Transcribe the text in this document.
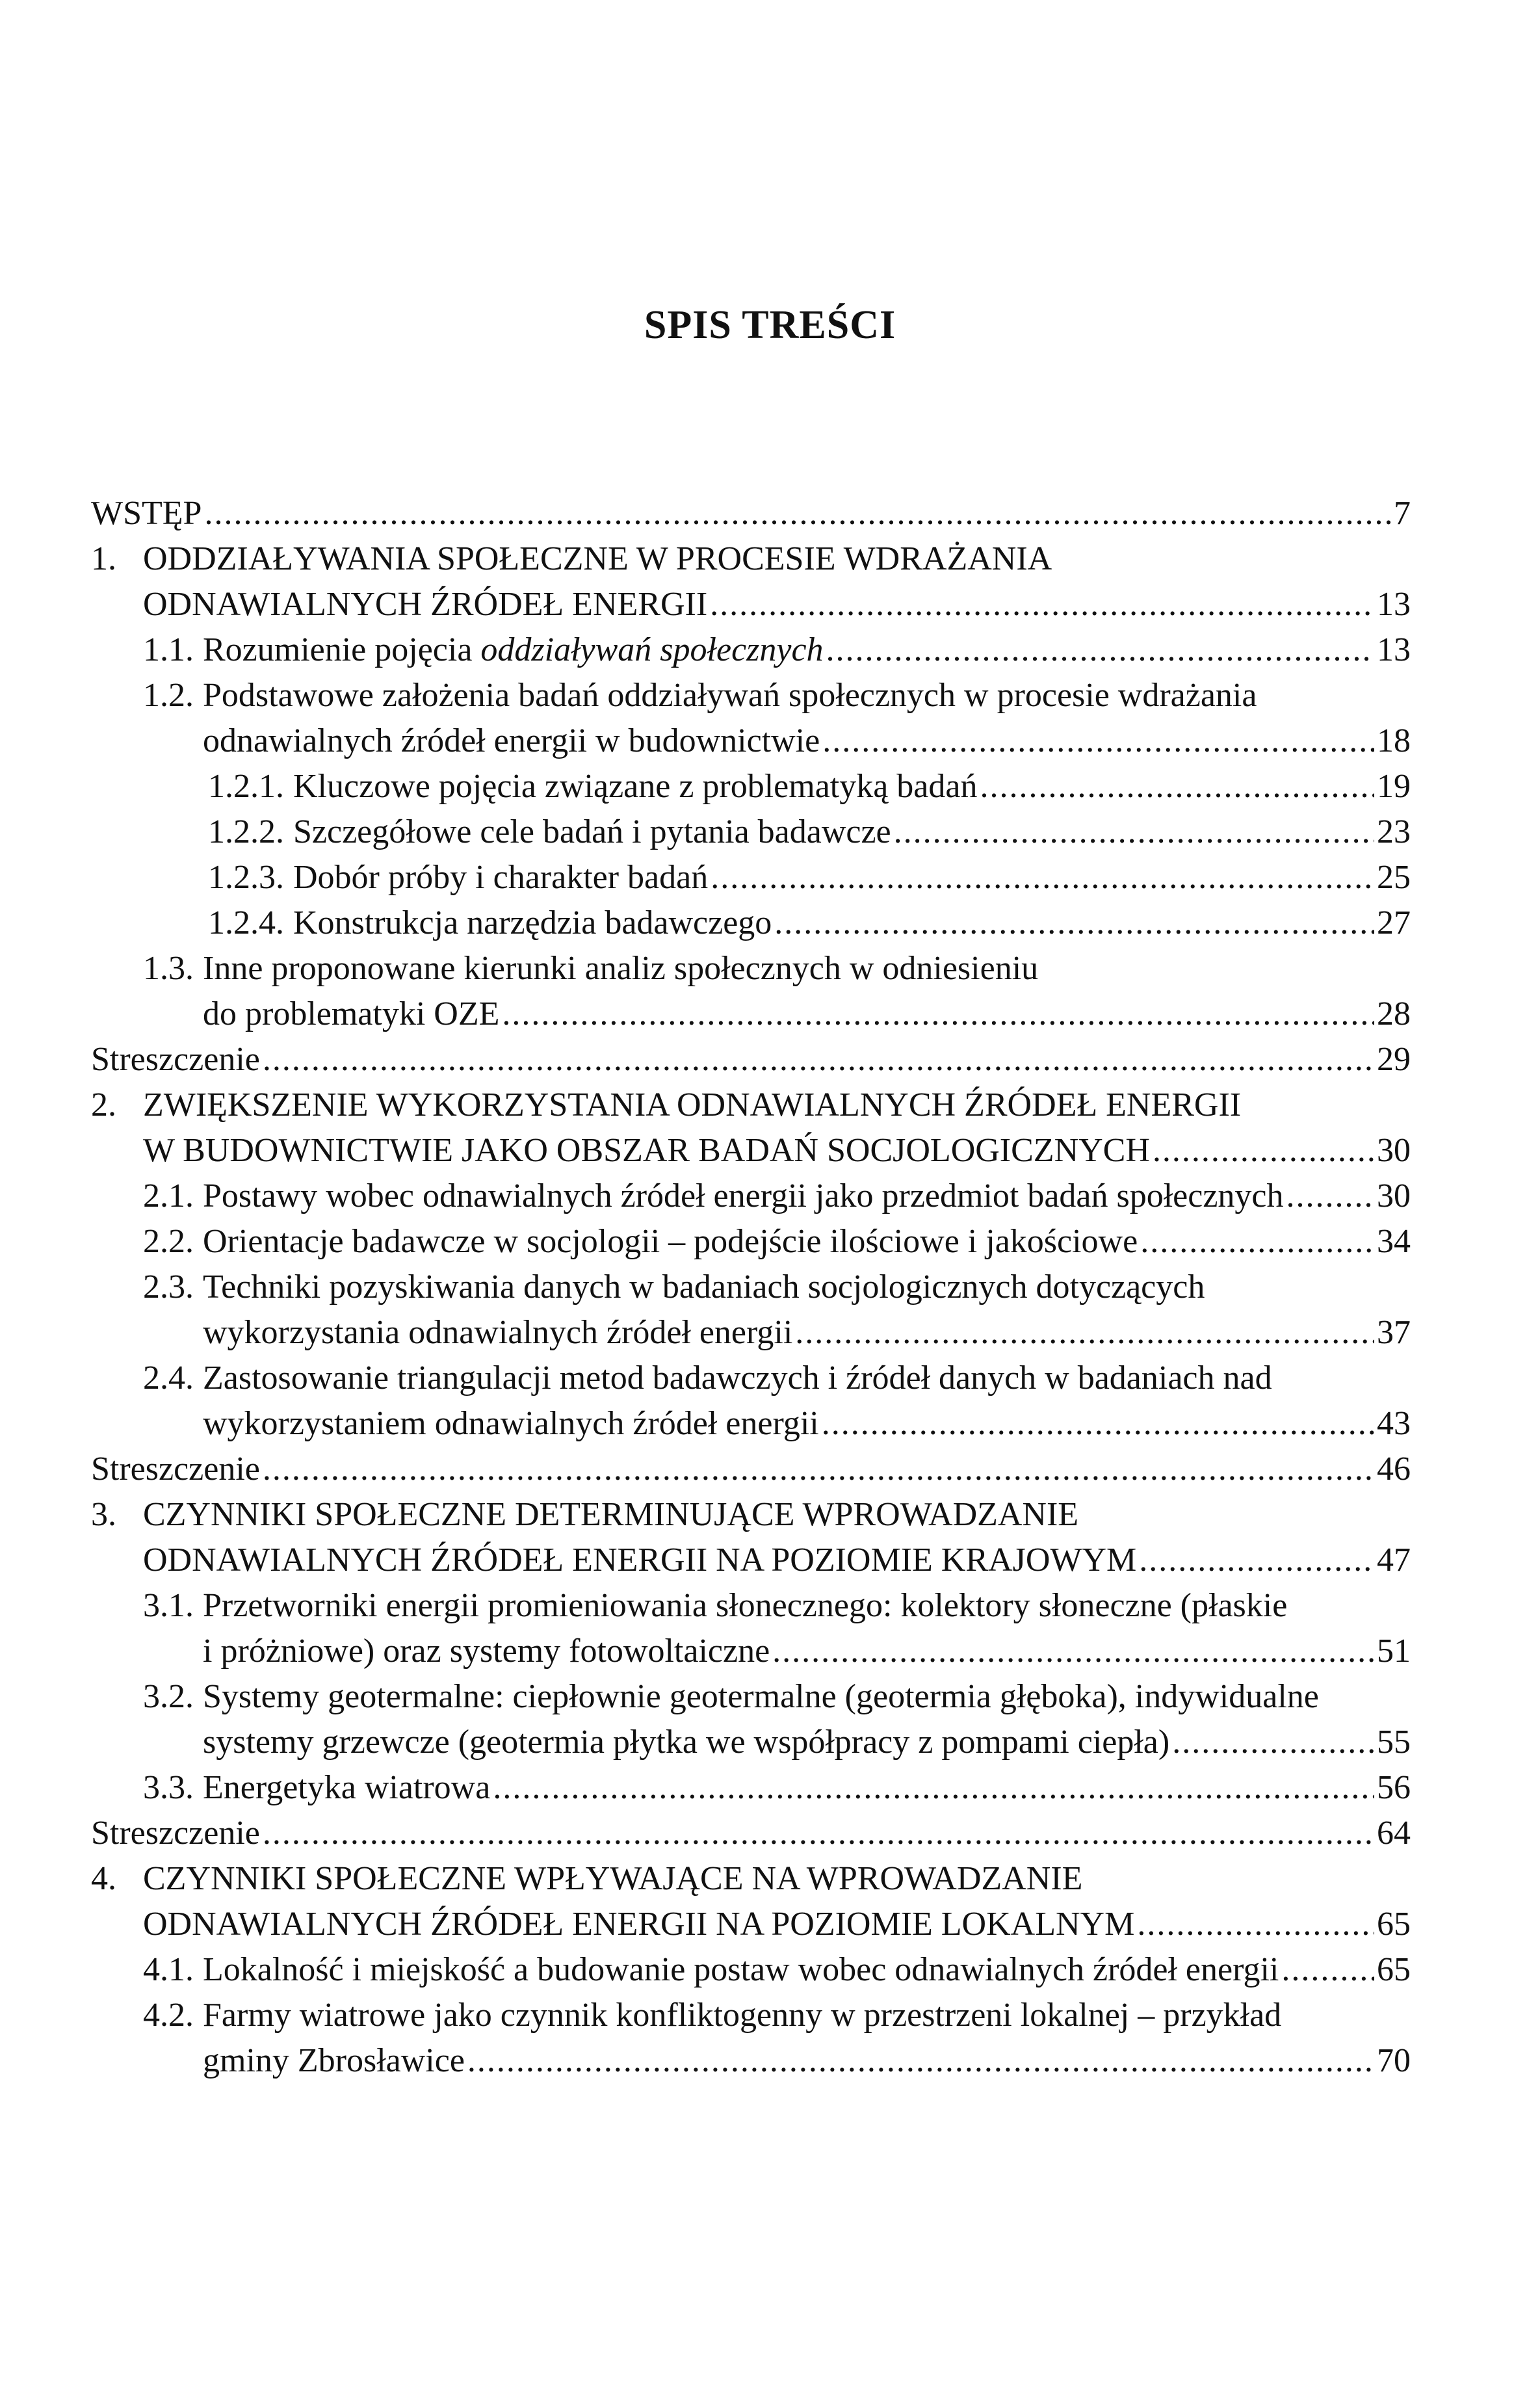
SPIS TREŚCI
WSTĘP .....	7
1. ODDZIAŁYWANIA SPOŁECZNE W PROCESIE WDRAŻANIA
ODNAWIALNYCH ŹRÓDEŁ ENERGII .....	13
1.1. Rozumienie pojęcia oddziaływań społecznych .....	13
1.2. Podstawowe założenia badań oddziaływań społecznych w procesie wdrażania
odnawialnych źródeł energii w budownictwie .....	18
1.2.1. Kluczowe pojęcia związane z problematyką badań .....	19
1.2.2. Szczegółowe cele badań i pytania badawcze .....	23
1.2.3. Dobór próby i charakter badań .....	25
1.2.4. Konstrukcja narzędzia badawczego .....	27
1.3. Inne proponowane kierunki analiz społecznych w odniesieniu
do problematyki OZE .....	28
Streszczenie .....	29
2. ZWIĘKSZENIE WYKORZYSTANIA ODNAWIALNYCH ŹRÓDEŁ ENERGII
W BUDOWNICTWIE JAKO OBSZAR BADAŃ SOCJOLOGICZNYCH .....	30
2.1. Postawy wobec odnawialnych źródeł energii jako przedmiot badań społecznych .....	30
2.2. Orientacje badawcze w socjologii – podejście ilościowe i jakościowe .....	34
2.3. Techniki pozyskiwania danych w badaniach socjologicznych dotyczących
wykorzystania odnawialnych źródeł energii .....	37
2.4. Zastosowanie triangulacji metod badawczych i źródeł danych w badaniach nad
wykorzystaniem odnawialnych źródeł energii .....	43
Streszczenie .....	46
3. CZYNNIKI SPOŁECZNE DETERMINUJĄCE WPROWADZANIE
ODNAWIALNYCH ŹRÓDEŁ ENERGII NA POZIOMIE KRAJOWYM .....	47
3.1. Przetworniki energii promieniowania słonecznego: kolektory słoneczne (płaskie
i próżniowe) oraz systemy fotowoltaiczne .....	51
3.2. Systemy geotermalne: ciepłownie geotermalne (geotermia głęboka), indywidualne
systemy grzewcze (geotermia płytka we współpracy z pompami ciepła) .....	55
3.3. Energetyka wiatrowa .....	56
Streszczenie .....	64
4. CZYNNIKI SPOŁECZNE WPŁYWAJĄCE NA WPROWADZANIE
ODNAWIALNYCH ŹRÓDEŁ ENERGII NA POZIOMIE LOKALNYM .....	65
4.1. Lokalność i miejskość a budowanie postaw wobec odnawialnych źródeł energii .....	65
4.2. Farmy wiatrowe jako czynnik konfliktogenny w przestrzeni lokalnej – przykład
gminy Zbrosławice .....	70
